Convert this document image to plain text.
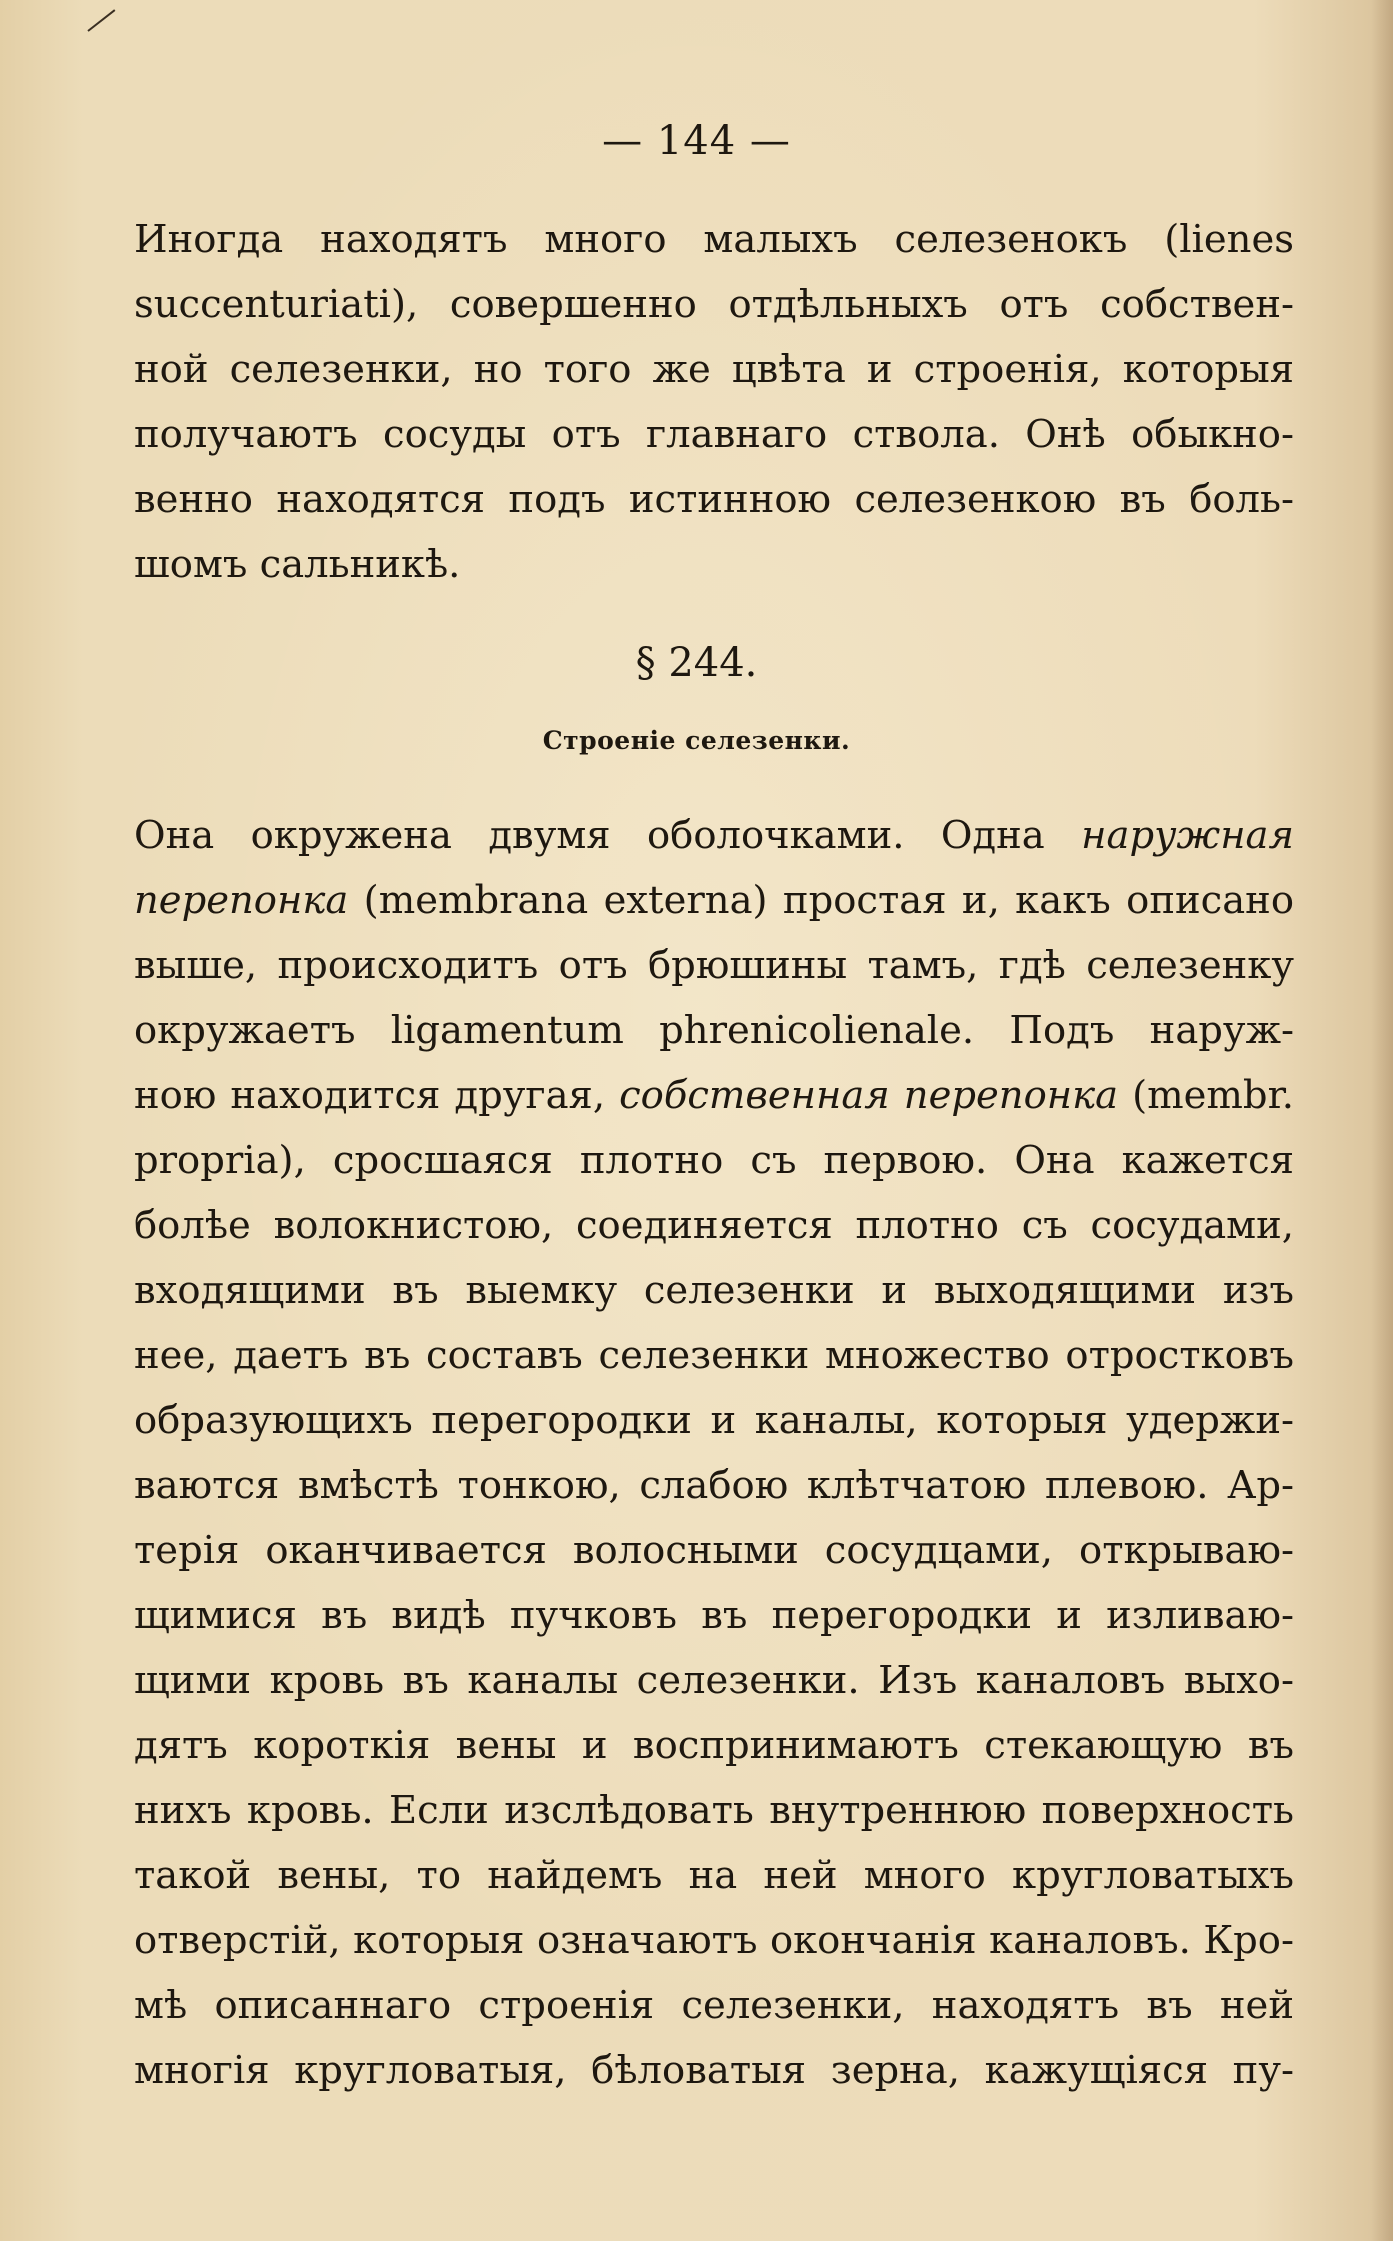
— 144 —
Иногда находятъ много малыхъ селезенокъ (lienes
succenturiati), совершенно отдѣльныхъ отъ собствен-
ной селезенки, но того же цвѣта и строенія, которыя
получаютъ сосуды отъ главнаго ствола. Онѣ обыкно-
венно находятся подъ истинною селезенкою въ боль-
шомъ сальникѣ.
§ 244.
Строеніе селезенки.
Она окружена двумя оболочками. Одна наружная
перепонка (membrana externa) простая и, какъ описано
выше, происходитъ отъ брюшины тамъ, гдѣ селезенку
окружаетъ ligamentum phrenicolienale. Подъ наруж-
ною находится другая, собственная перепонка (membr.
propria), сросшаяся плотно съ первою. Она кажется
болѣе волокнистою, соединяется плотно съ сосудами,
входящими въ выемку селезенки и выходящими изъ
нее, даетъ въ составъ селезенки множество отростковъ
образующихъ перегородки и каналы, которыя удержи-
ваются вмѣстѣ тонкою, слабою клѣтчатою плевою. Ар-
терія оканчивается волосными сосудцами, открываю-
щимися въ видѣ пучковъ въ перегородки и изливаю-
щими кровь въ каналы селезенки. Изъ каналовъ выхо-
дятъ короткія вены и воспринимаютъ стекающую въ
нихъ кровь. Если изслѣдовать внутреннюю поверхность
такой вены, то найдемъ на ней много кругловатыхъ
отверстій, которыя означаютъ окончанія каналовъ. Кро-
мѣ описаннаго строенія селезенки, находятъ въ ней
многія кругловатыя, бѣловатыя зерна, кажущіяся пу-
